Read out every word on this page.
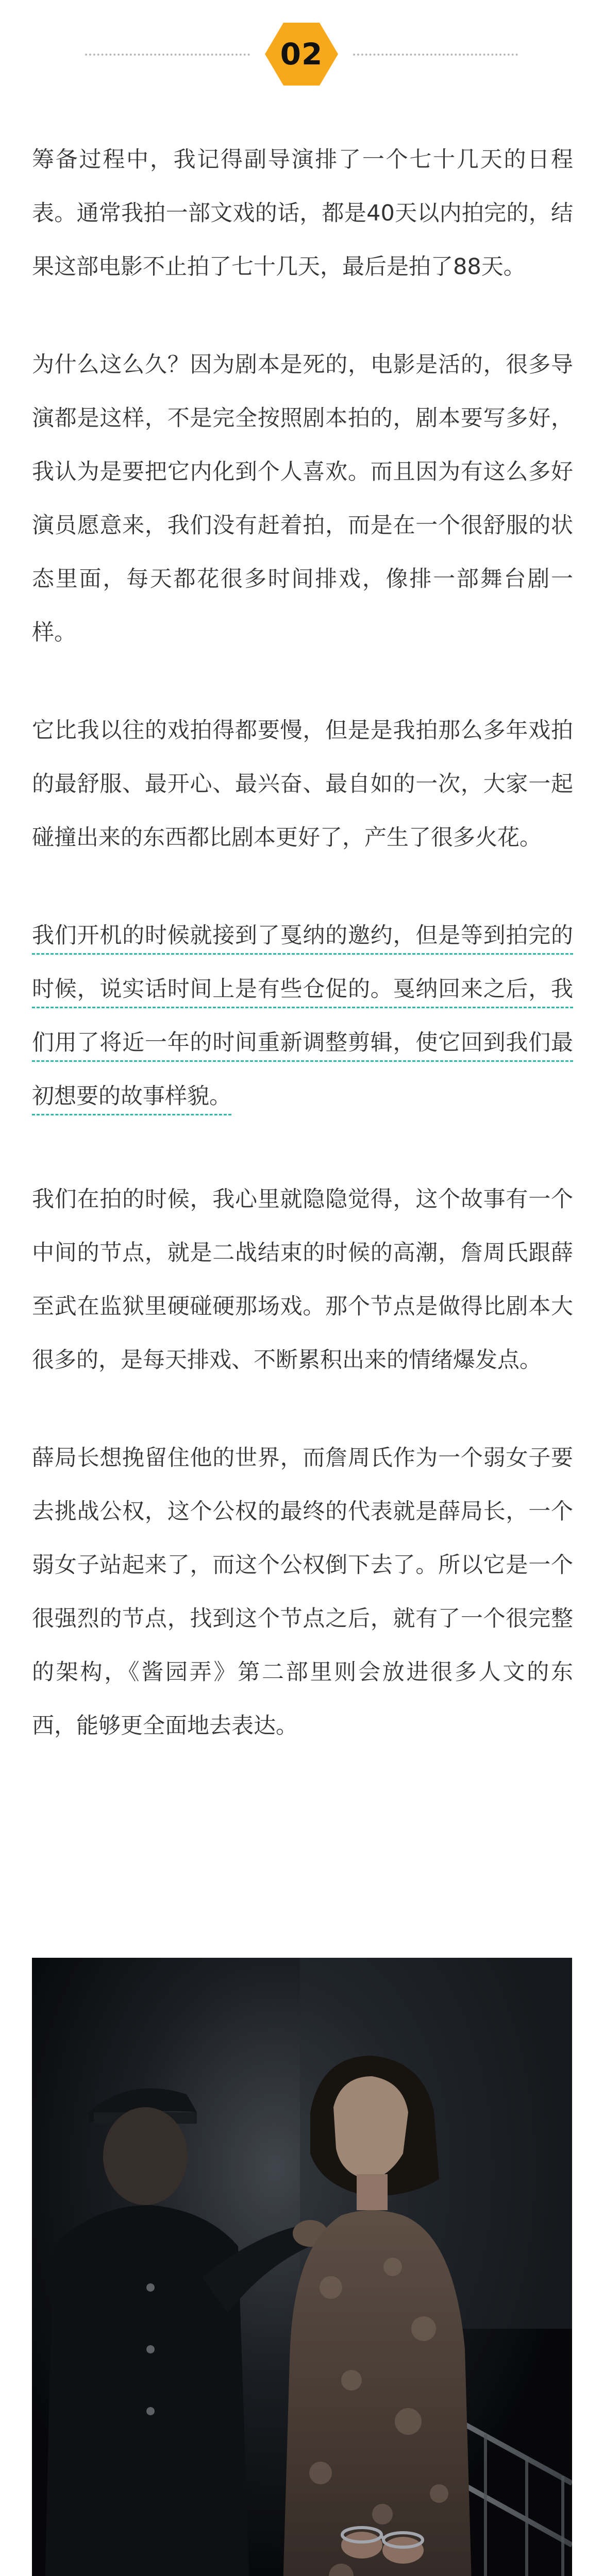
02

筹备过程中，我记得副导演排了一个七十几天的日程表。通常我拍一部文戏的话，都是40天以内拍完的，结果这部电影不止拍了七十几天，最后是拍了88天。

为什么这么久？因为剧本是死的，电影是活的，很多导演都是这样，不是完全按照剧本拍的，剧本要写多好，我认为是要把它内化到个人喜欢。而且因为有这么多好演员愿意来，我们没有赶着拍，而是在一个很舒服的状态里面，每天都花很多时间排戏，像排一部舞台剧一样。

它比我以往的戏拍得都要慢，但是是我拍那么多年戏拍的最舒服、最开心、最兴奋、最自如的一次，大家一起碰撞出来的东西都比剧本更好了，产生了很多火花。

我们开机的时候就接到了戛纳的邀约，但是等到拍完的时候，说实话时间上是有些仓促的。戛纳回来之后，我们用了将近一年的时间重新调整剪辑，使它回到我们最初想要的故事样貌。

我们在拍的时候，我心里就隐隐觉得，这个故事有一个中间的节点，就是二战结束的时候的高潮，詹周氏跟薛至武在监狱里硬碰硬那场戏。那个节点是做得比剧本大很多的，是每天排戏、不断累积出来的情绪爆发点。

薛局长想挽留住他的世界，而詹周氏作为一个弱女子要去挑战公权，这个公权的最终的代表就是薛局长，一个弱女子站起来了，而这个公权倒下去了。所以它是一个很强烈的节点，找到这个节点之后，就有了一个很完整的架构，《酱园弄》第二部里则会放进很多人文的东西，能够更全面地去表达。
